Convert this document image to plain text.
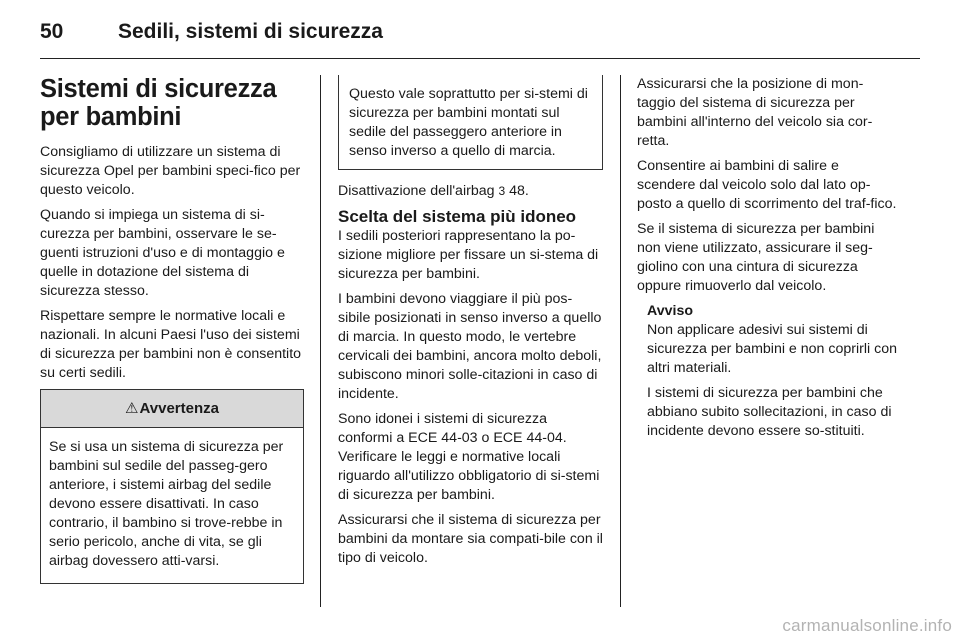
50	Sedili, sistemi di sicurezza
Sistemi di sicurezza per bambini

Consigliamo di utilizzare un sistema di sicurezza Opel per bambini speci-fico per questo veicolo.

Quando si impiega un sistema di si-curezza per bambini, osservare le se-guenti istruzioni d'uso e di montaggio e quelle in dotazione del sistema di sicurezza stesso.

Rispettare sempre le normative locali e nazionali. In alcuni Paesi l'uso dei sistemi di sicurezza per bambini non è consentito su certi sedili.

⚠Avvertenza

Se si usa un sistema di sicurezza per bambini sul sedile del passeg-gero anteriore, i sistemi airbag del sedile devono essere disattivati. In caso contrario, il bambino si trove-rebbe in serio pericolo, anche di vita, se gli airbag dovessero atti-varsi.

Questo vale soprattutto per si-stemi di sicurezza per bambini montati sul sedile del passeggero anteriore in senso inverso a quello di marcia.

Disattivazione dell'airbag 3 48.

Scelta del sistema più idoneo

I sedili posteriori rappresentano la po-sizione migliore per fissare un si-stema di sicurezza per bambini.

I bambini devono viaggiare il più pos-sibile posizionati in senso inverso a quello di marcia. In questo modo, le vertebre cervicali dei bambini, ancora molto deboli, subiscono minori solle-citazioni in caso di incidente.

Sono idonei i sistemi di sicurezza conformi a ECE 44-03 o ECE 44-04. Verificare le leggi e normative locali riguardo all'utilizzo obbligatorio di si-stemi di sicurezza per bambini.

Assicurarsi che il sistema di sicurezza per bambini da montare sia compati-bile con il tipo di veicolo.

Assicurarsi che la posizione di mon-taggio del sistema di sicurezza per bambini all'interno del veicolo sia cor-retta.

Consentire ai bambini di salire e scendere dal veicolo solo dal lato op-posto a quello di scorrimento del traf-fico.

Se il sistema di sicurezza per bambini non viene utilizzato, assicurare il seg-giolino con una cintura di sicurezza oppure rimuoverlo dal veicolo.

Avviso

Non applicare adesivi sui sistemi di sicurezza per bambini e non coprirli con altri materiali.

I sistemi di sicurezza per bambini che abbiano subito sollecitazioni, in caso di incidente devono essere so-stituiti.

carmanualsonline.info
